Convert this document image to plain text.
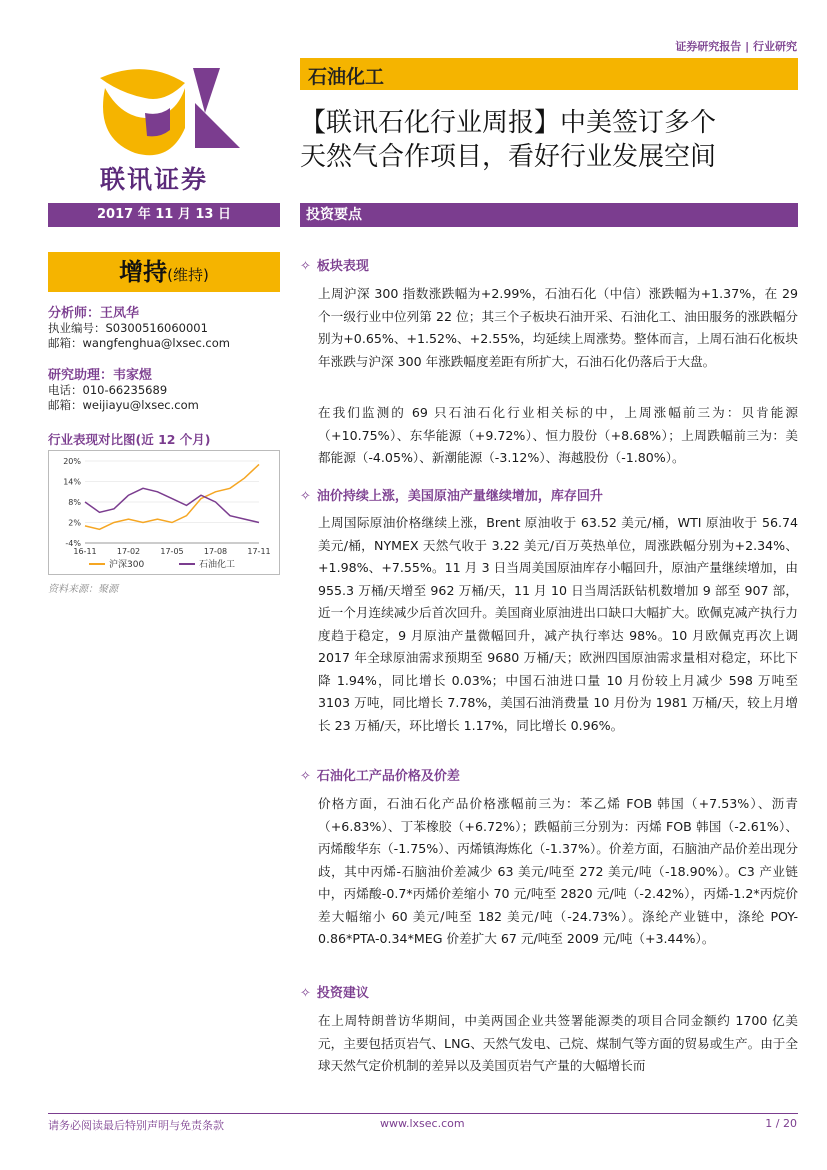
证券研究报告 | 行业研究
联讯证券
石油化工
【联讯石化行业周报】中美签订多个
天然气合作项目，看好行业发展空间
2017 年 11 月 13 日	投资要点
增持(维持)
分析师：王凤华
执业编号：S0300516060001
邮箱：wangfenghua@lxsec.com
研究助理：韦家煜
电话：010-66235689
邮箱：weijiayu@lxsec.com
行业表现对比图(近 12 个月)
20%
14%
8%
2%
-4%
16-11	17-02	17-05	17-08	17-11
沪深300	石油化工
资料来源：聚源
✧ 板块表现
上周沪深 300 指数涨跌幅为+2.99%，石油石化（中信）涨跌幅为+1.37%，在 29 个一级行业中位列第 22 位；其三个子板块石油开采、石油化工、油田服务的涨跌幅分别为+0.65%、+1.52%、+2.55%，均延续上周涨势。整体而言，上周石油石化板块年涨跌与沪深 300 年涨跌幅度差距有所扩大，石油石化仍落后于大盘。
在我们监测的 69 只石油石化行业相关标的中，上周涨幅前三为：贝肯能源（+10.75%）、东华能源（+9.72%）、恒力股份（+8.68%）；上周跌幅前三为：美都能源（-4.05%）、新潮能源（-3.12%）、海越股份（-1.80%）。
✧ 油价持续上涨，美国原油产量继续增加，库存回升
上周国际原油价格继续上涨，Brent 原油收于 63.52 美元/桶，WTI 原油收于 56.74 美元/桶，NYMEX 天然气收于 3.22 美元/百万英热单位，周涨跌幅分别为+2.34%、+1.98%、+7.55%。11 月 3 日当周美国原油库存小幅回升，原油产量继续增加，由 955.3 万桶/天增至 962 万桶/天，11 月 10 日当周活跃钻机数增加 9 部至 907 部，近一个月连续减少后首次回升。美国商业原油进出口缺口大幅扩大。欧佩克减产执行力度趋于稳定，9 月原油产量微幅回升，减产执行率达 98%。10 月欧佩克再次上调 2017 年全球原油需求预期至 9680 万桶/天；欧洲四国原油需求量相对稳定，环比下降 1.94%，同比增长 0.03%；中国石油进口量 10 月份较上月减少 598 万吨至 3103 万吨，同比增长 7.78%，美国石油消费量 10 月份为 1981 万桶/天，较上月增长 23 万桶/天，环比增长 1.17%，同比增长 0.96%。
✧ 石油化工产品价格及价差
价格方面，石油石化产品价格涨幅前三为：苯乙烯 FOB 韩国（+7.53%）、沥青（+6.83%）、丁苯橡胶（+6.72%）；跌幅前三分别为：丙烯 FOB 韩国（-2.61%）、丙烯酸华东（-1.75%）、丙烯镇海炼化（-1.37%）。价差方面，石脑油产品价差出现分歧，其中丙烯-石脑油价差减少 63 美元/吨至 272 美元/吨（-18.90%）。C3 产业链中，丙烯酸-0.7*丙烯价差缩小 70 元/吨至 2820 元/吨（-2.42%），丙烯-1.2*丙烷价差大幅缩小 60 美元/吨至 182 美元/吨（-24.73%）。涤纶产业链中，涤纶 POY-0.86*PTA-0.34*MEG 价差扩大 67 元/吨至 2009 元/吨（+3.44%）。
✧ 投资建议
在上周特朗普访华期间，中美两国企业共签署能源类的项目合同金额约 1700 亿美元，主要包括页岩气、LNG、天然气发电、己烷、煤制气等方面的贸易或生产。由于全球天然气定价机制的差异以及美国页岩气产量的大幅增长而
请务必阅读最后特别声明与免责条款	www.lxsec.com	1 / 20
